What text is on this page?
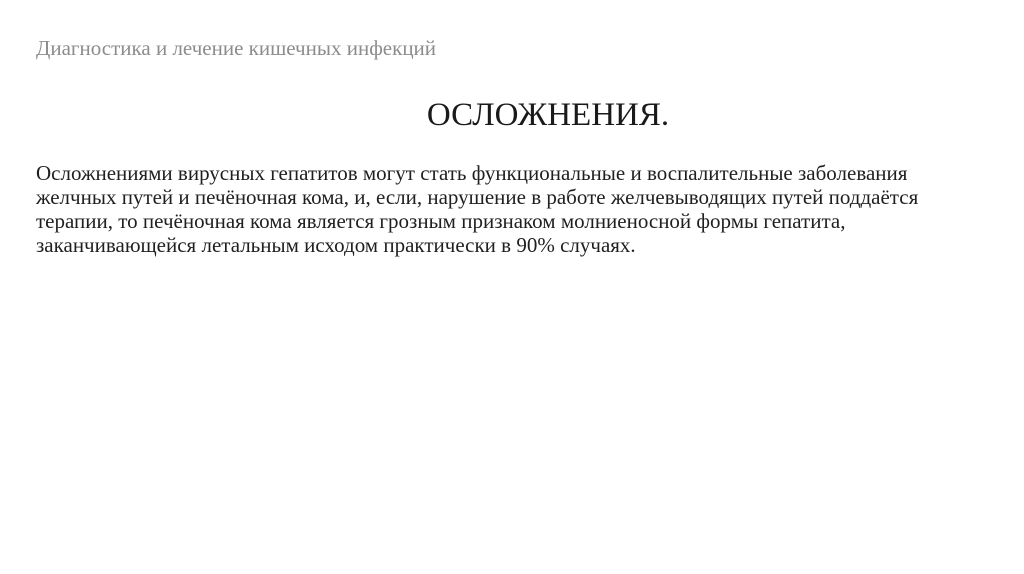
Диагностика и лечение кишечных инфекций
ОСЛОЖНЕНИЯ.

Осложнениями вирусных гепатитов могут стать функциональные и воспалительные заболевания
желчных путей и печёночная кома, и, если, нарушение в работе желчевыводящих путей поддаётся
терапии, то печёночная кома является грозным признаком молниеносной формы гепатита,
заканчивающейся летальным исходом практически в 90% случаях.
